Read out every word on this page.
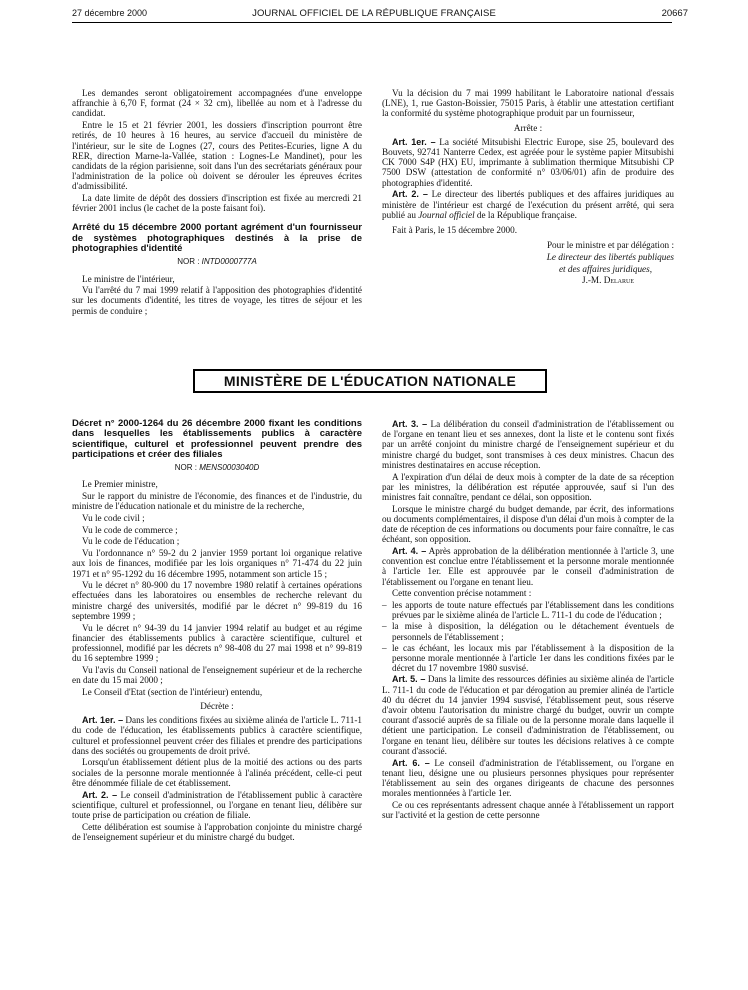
27 décembre 2000	JOURNAL OFFICIEL DE LA RÉPUBLIQUE FRANÇAISE	20667

Les demandes seront obligatoirement accompagnées d'une enveloppe affranchie à 6,70 F, format (24 × 32 cm), libellée au nom et à l'adresse du candidat.

Entre le 15 et 21 février 2001, les dossiers d'inscription pourront être retirés, de 10 heures à 16 heures, au service d'accueil du ministère de l'intérieur, sur le site de Lognes (27, cours des Petites-Ecuries, ligne A du RER, direction Marne-la-Vallée, station : Lognes-Le Mandinet), pour les candidats de la région parisienne, soit dans l'un des secrétariats généraux pour l'administration de la police où doivent se dérouler les épreuves écrites d'admissibilité.

La date limite de dépôt des dossiers d'inscription est fixée au mercredi 21 février 2001 inclus (le cachet de la poste faisant foi).

Arrêté du 15 décembre 2000 portant agrément d'un fournisseur de systèmes photographiques destinés à la prise de photographies d'identité
NOR : INTD0000777A

Le ministre de l'intérieur,

Vu l'arrêté du 7 mai 1999 relatif à l'apposition des photographies d'identité sur les documents d'identité, les titres de voyage, les titres de séjour et les permis de conduire ;

Vu la décision du 7 mai 1999 habilitant le Laboratoire national d'essais (LNE), 1, rue Gaston-Boissier, 75015 Paris, à établir une attestation certifiant la conformité du système photographique produit par un fournisseur,

Arrête :

Art. 1er. – La société Mitsubishi Electric Europe, sise 25, boulevard des Bouvets, 92741 Nanterre Cedex, est agréée pour le système papier Mitsubishi CK 7000 S4P (HX) EU, imprimante à sublimation thermique Mitsubishi CP 7500 DSW (attestation de conformité n° 03/06/01) afin de produire des photographies d'identité.

Art. 2. – Le directeur des libertés publiques et des affaires juridiques au ministère de l'intérieur est chargé de l'exécution du présent arrêté, qui sera publié au Journal officiel de la République française.

Fait à Paris, le 15 décembre 2000.

Pour le ministre et par délégation :

Le directeur des libertés publiques

et des affaires juridiques,

J.-M. Delarue

MINISTÈRE DE L'ÉDUCATION NATIONALE
Décret n° 2000-1264 du 26 décembre 2000 fixant les conditions dans lesquelles les établissements publics à caractère scientifique, culturel et professionnel peuvent prendre des participations et créer des filiales
NOR : MENS0003040D

Le Premier ministre,

Sur le rapport du ministre de l'économie, des finances et de l'industrie, du ministre de l'éducation nationale et du ministre de la recherche,

Vu le code civil ;

Vu le code de commerce ;

Vu le code de l'éducation ;

Vu l'ordonnance n° 59-2 du 2 janvier 1959 portant loi organique relative aux lois de finances, modifiée par les lois organiques n° 71-474 du 22 juin 1971 et n° 95-1292 du 16 décembre 1995, notamment son article 15 ;

Vu le décret n° 80-900 du 17 novembre 1980 relatif à certaines opérations effectuées dans les laboratoires ou ensembles de recherche relevant du ministre chargé des universités, modifié par le décret n° 99-819 du 16 septembre 1999 ;

Vu le décret n° 94-39 du 14 janvier 1994 relatif au budget et au régime financier des établissements publics à caractère scientifique, culturel et professionnel, modifié par les décrets n° 98-408 du 27 mai 1998 et n° 99-819 du 16 septembre 1999 ;

Vu l'avis du Conseil national de l'enseignement supérieur et de la recherche en date du 15 mai 2000 ;

Le Conseil d'Etat (section de l'intérieur) entendu,

Décrète :

Art. 1er. – Dans les conditions fixées au sixième alinéa de l'article L. 711-1 du code de l'éducation, les établissements publics à caractère scientifique, culturel et professionnel peuvent créer des filiales et prendre des participations dans des sociétés ou groupements de droit privé.

Lorsqu'un établissement détient plus de la moitié des actions ou des parts sociales de la personne morale mentionnée à l'alinéa précédent, celle-ci peut être dénommée filiale de cet établissement.

Art. 2. – Le conseil d'administration de l'établissement public à caractère scientifique, culturel et professionnel, ou l'organe en tenant lieu, délibère sur toute prise de participation ou création de filiale.

Cette délibération est soumise à l'approbation conjointe du ministre chargé de l'enseignement supérieur et du ministre chargé du budget.

Art. 3. – La délibération du conseil d'administration de l'établissement ou de l'organe en tenant lieu et ses annexes, dont la liste et le contenu sont fixés par un arrêté conjoint du ministre chargé de l'enseignement supérieur et du ministre chargé du budget, sont transmises à ces deux ministres. Chacun des ministres destinataires en accuse réception.

A l'expiration d'un délai de deux mois à compter de la date de sa réception par les ministres, la délibération est réputée approuvée, sauf si l'un des ministres fait connaître, pendant ce délai, son opposition.

Lorsque le ministre chargé du budget demande, par écrit, des informations ou documents complémentaires, il dispose d'un délai d'un mois à compter de la date de réception de ces informations ou documents pour faire connaître, le cas échéant, son opposition.

Art. 4. – Après approbation de la délibération mentionnée à l'article 3, une convention est conclue entre l'établissement et la personne morale mentionnée à l'article 1er. Elle est approuvée par le conseil d'administration de l'établissement ou l'organe en tenant lieu.

Cette convention précise notamment :

– les apports de toute nature effectués par l'établissement dans les conditions prévues par le sixième alinéa de l'article L. 711-1 du code de l'éducation ;
– la mise à disposition, la délégation ou le détachement éventuels de personnels de l'établissement ;
– le cas échéant, les locaux mis par l'établissement à la disposition de la personne morale mentionnée à l'article 1er dans les conditions fixées par le décret du 17 novembre 1980 susvisé.

Art. 5. – Dans la limite des ressources définies au sixième alinéa de l'article L. 711-1 du code de l'éducation et par dérogation au premier alinéa de l'article 40 du décret du 14 janvier 1994 susvisé, l'établissement peut, sous réserve d'avoir obtenu l'autorisation du ministre chargé du budget, ouvrir un compte courant d'associé auprès de sa filiale ou de la personne morale dans laquelle il détient une participation. Le conseil d'administration de l'établissement, ou l'organe en tenant lieu, délibère sur toutes les décisions relatives à ce compte courant d'associé.

Art. 6. – Le conseil d'administration de l'établissement, ou l'organe en tenant lieu, désigne une ou plusieurs personnes physiques pour représenter l'établissement au sein des organes dirigeants de chacune des personnes morales mentionnées à l'article 1er.

Ce ou ces représentants adressent chaque année à l'établissement un rapport sur l'activité et la gestion de cette personne
